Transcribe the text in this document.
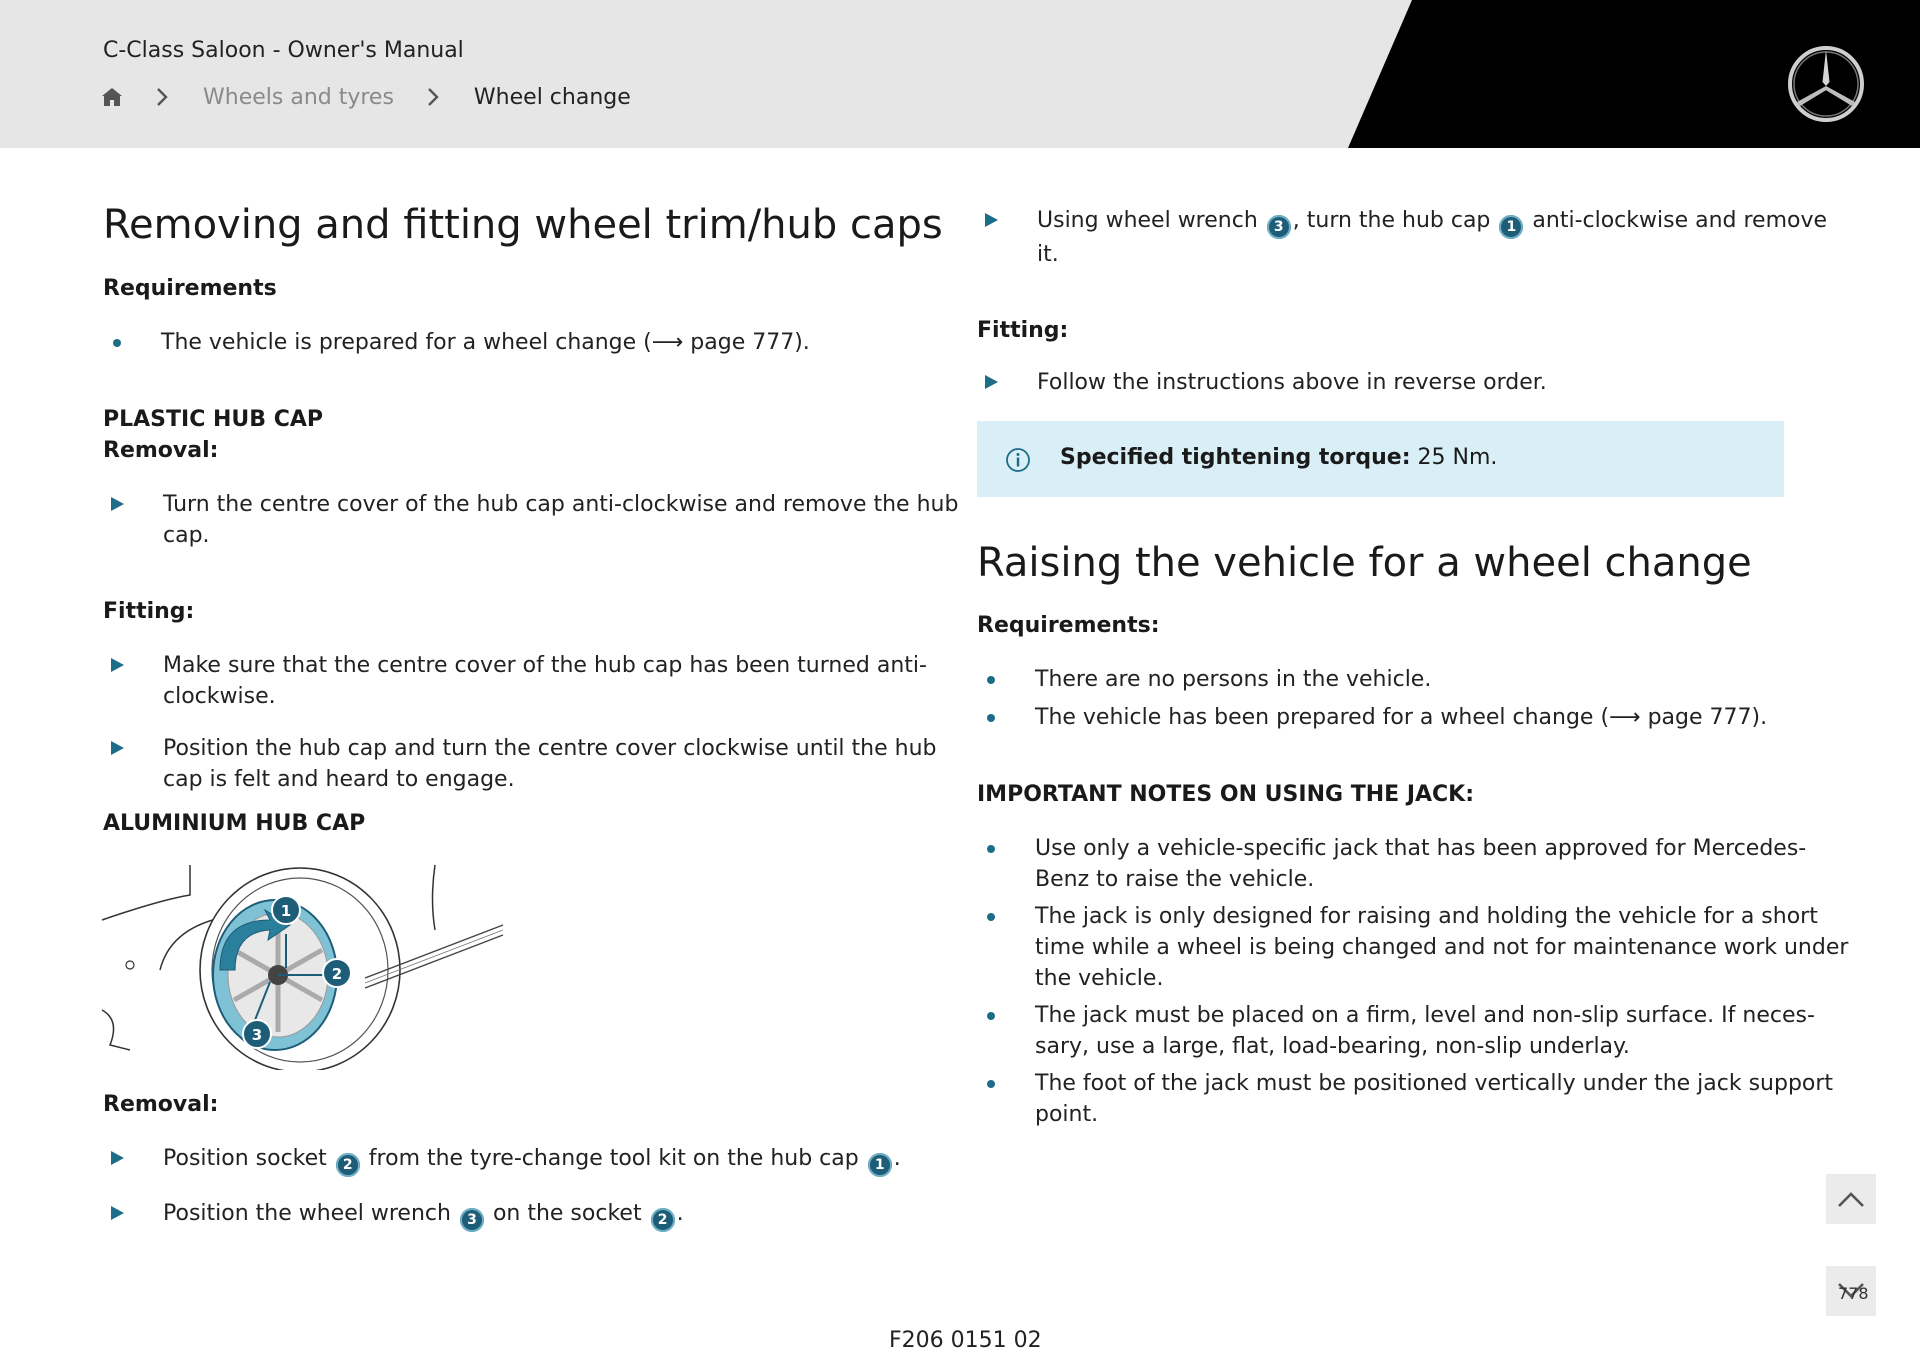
C-Class Saloon - Owner's Manual
Wheels and tyres	Wheel change
Removing and fitting wheel trim/hub caps
Requirements
The vehicle is prepared for a wheel change (⟶ page 777).
PLASTIC HUB CAP
Removal:
Turn the centre cover of the hub cap anti-clockwise and remove the hub
cap.
Fitting:
Make sure that the centre cover of the hub cap has been turned anti-
clockwise.
Position the hub cap and turn the centre cover clockwise until the hub
cap is felt and heard to engage.
ALUMINIUM HUB CAP
1
2
3
Removal:
Position socket 2 from the tyre-change tool kit on the hub cap 1 .
Position the wheel wrench 3 on the socket 2 .
Using wheel wrench 3 , turn the hub cap 1 anti-clockwise and remove
it.
Fitting:
Follow the instructions above in reverse order.
Specified tightening torque: 25 Nm.
Raising the vehicle for a wheel change
Requirements:
There are no persons in the vehicle.
The vehicle has been prepared for a wheel change (⟶ page 777).
IMPORTANT NOTES ON USING THE JACK:
Use only a vehicle-specific jack that has been approved for Mercedes-
Benz to raise the vehicle.
The jack is only designed for raising and holding the vehicle for a short
time while a wheel is being changed and not for maintenance work under
the vehicle.
The jack must be placed on a firm, level and non-slip surface. If neces-
sary, use a large, flat, load-bearing, non-slip underlay.
The foot of the jack must be positioned vertically under the jack support
point.
778
F206 0151 02
